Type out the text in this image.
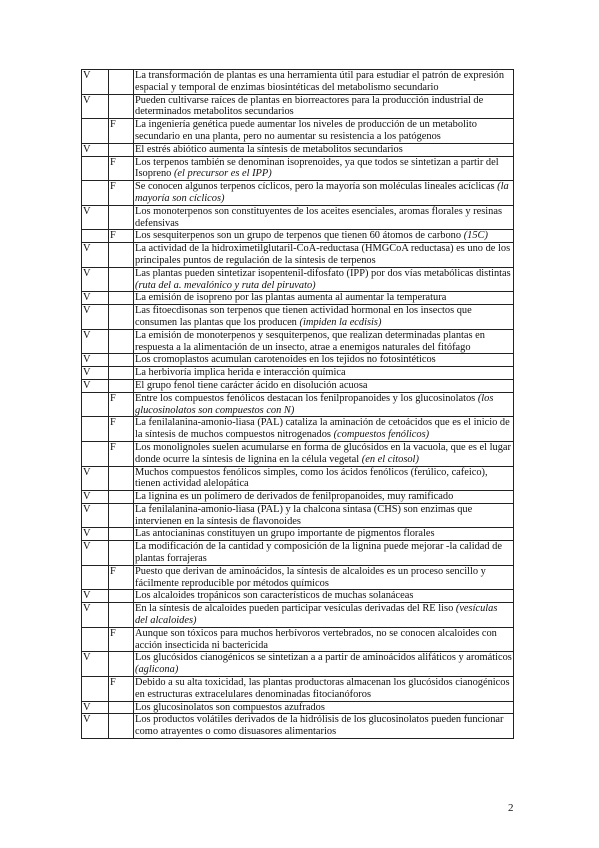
V		La transformación de plantas es una herramienta útil para estudiar el patrón de expresión espacial y temporal de enzimas biosintéticas del metabolismo secundario
V		Pueden cultivarse raíces de plantas en biorreactores para la producción industrial de determinados metabolitos secundarios
	F	La ingeniería genética puede aumentar los niveles de producción de un metabolito secundario en una planta, pero no aumentar su resistencia a los patógenos
V		El estrés abiótico aumenta la síntesis de metabolitos secundarios
	F	Los terpenos también se denominan isoprenoides, ya que todos se sintetizan a partir del Isopreno (el precursor es el IPP)
	F	Se conocen algunos terpenos cíclicos, pero la mayoría son moléculas lineales acíclicas (la mayoría son cíclicos)
V		Los monoterpenos son constituyentes de los aceites esenciales, aromas florales y resinas defensivas
	F	Los sesquiterpenos son un grupo de terpenos que tienen 60 átomos de carbono (15C)
V		La actividad de la hidroximetilglutaril-CoA-reductasa (HMGCoA reductasa) es uno de los principales puntos de regulación de la síntesis de terpenos
V		Las plantas pueden sintetizar isopentenil-difosfato (IPP) por dos vías metabólicas distintas (ruta del a. mevalónico y ruta del piruvato)
V		La emisión de isopreno por las plantas aumenta al aumentar la temperatura
V		Las fitoecdisonas son terpenos que tienen actividad hormonal en los insectos que consumen las plantas que los producen (impiden la ecdisis)
V		La emisión de monoterpenos y sesquiterpenos, que realizan determinadas plantas en respuesta a la alimentación de un insecto, atrae a enemigos naturales del fitófago
V		Los cromoplastos acumulan carotenoides en los tejidos no fotosintéticos
V		La herbivoría implica herida e interacción química
V		El grupo fenol tiene carácter ácido en disolución acuosa
	F	Entre los compuestos fenólicos destacan los fenilpropanoides y los glucosinolatos (los glucosinolatos son compuestos con N)
	F	La fenilalanina-amonio-liasa (PAL) cataliza la aminación de cetoácidos que es el inicio de la síntesis de muchos compuestos nitrogenados (compuestos fenólicos)
	F	Los monolignoles suelen acumularse en forma de glucósidos en la vacuola, que es el lugar donde ocurre la síntesis de lignina en la célula vegetal (en el citosol)
V		Muchos compuestos fenólicos simples, como los ácidos fenólicos (ferúlico, cafeico), tienen actividad alelopática
V		La lignina es un polímero de derivados de fenilpropanoides, muy ramificado
V		La fenilalanina-amonio-liasa (PAL) y la chalcona sintasa (CHS) son enzimas que intervienen en la síntesis de flavonoides
V		Las antocianinas constituyen un grupo importante de pigmentos florales
V		La modificación de la cantidad y composición de la lignina puede mejorar -la calidad de plantas forrajeras
	F	Puesto que derivan de aminoácidos, la síntesis de alcaloides es un proceso sencillo y fácilmente reproducible por métodos químicos
V		Los alcaloides tropánicos son característicos de muchas solanáceas
V		En la síntesis de alcaloides pueden participar vesículas derivadas del RE liso (vesículas del alcaloides)
	F	Aunque son tóxicos para muchos herbívoros vertebrados, no se conocen alcaloides con acción insecticida ni bactericida
V		Los glucósidos cianogénicos se sintetizan a a partir de aminoácidos alifáticos y aromáticos (aglicona)
	F	Debido a su alta toxicidad, las plantas productoras almacenan los glucósidos cianogénicos en estructuras extracelulares denominadas fitocianóforos
V		Los glucosinolatos son compuestos azufrados
V		Los productos volátiles derivados de la hidrólisis de los glucosinolatos pueden funcionar como atrayentes o como disuasores alimentarios
2
